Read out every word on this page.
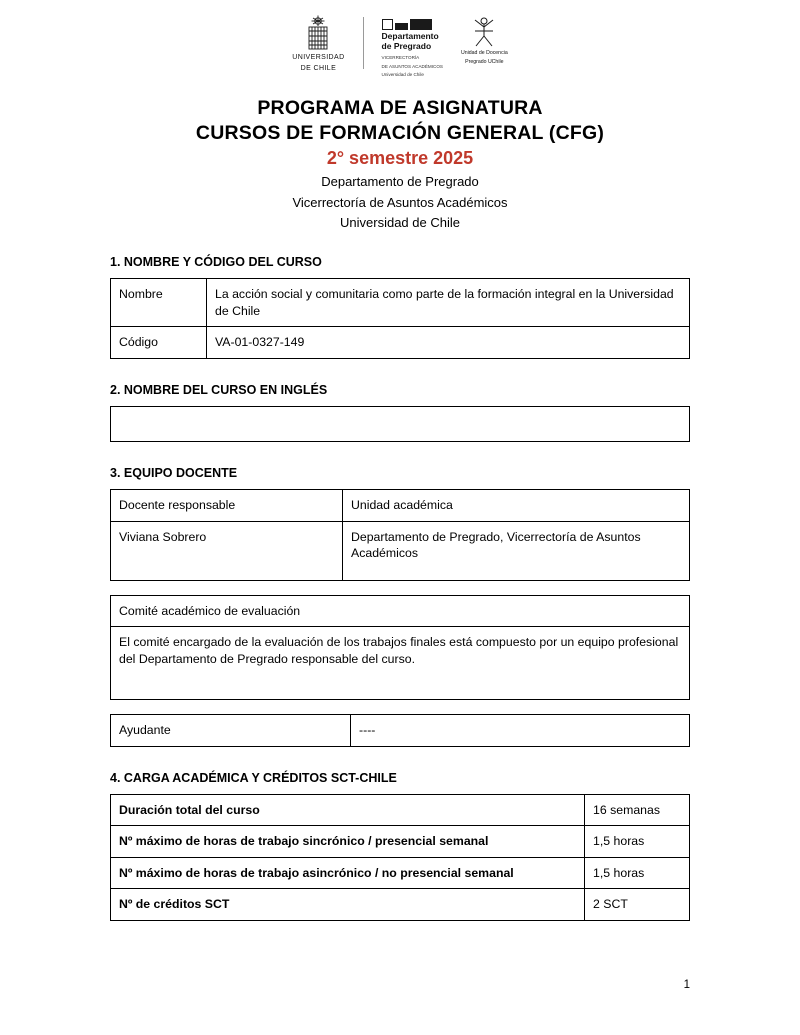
UNIVERSIDAD
DE CHILE
Departamento
de Pregrado
VICERRECTORÍA
DE ASUNTOS ACADÉMICOS
Universidad de Chile
Unidad de Docencia
Pregrado UChile
PROGRAMA DE ASIGNATURA
CURSOS DE FORMACIÓN GENERAL (CFG)
2° semestre 2025
Departamento de Pregrado
Vicerrectoría de Asuntos Académicos
Universidad de Chile
1. NOMBRE Y CÓDIGO DEL CURSO
Nombre	La acción social y comunitaria como parte de la formación integral en la Universidad de Chile
Código	VA-01-0327-149
2. NOMBRE DEL CURSO EN INGLÉS
3. EQUIPO DOCENTE
Docente responsable	Unidad académica
Viviana Sobrero	Departamento de Pregrado, Vicerrectoría de Asuntos Académicos
Comité académico de evaluación
El comité encargado de la evaluación de los trabajos finales está compuesto por un equipo profesional del Departamento de Pregrado responsable del curso.
Ayudante	----
4. CARGA ACADÉMICA Y CRÉDITOS SCT-CHILE
Duración total del curso	16 semanas
Nº máximo de horas de trabajo sincrónico / presencial semanal	1,5 horas
Nº máximo de horas de trabajo asincrónico / no presencial semanal	1,5 horas
Nº de créditos SCT	2 SCT
1
